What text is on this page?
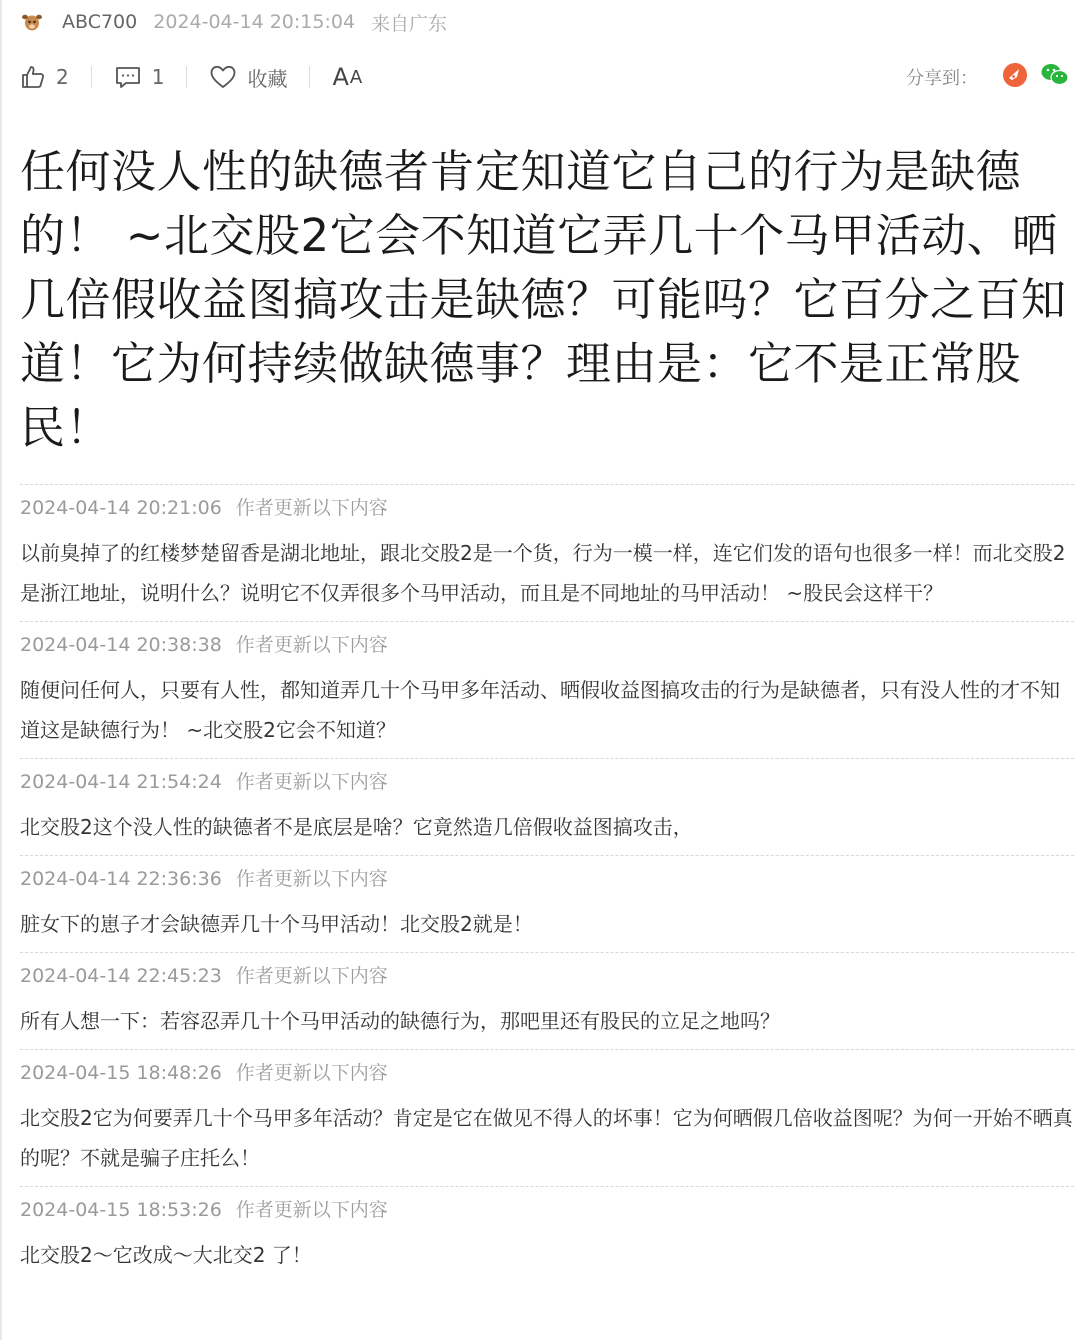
ABC700 2024-04-14 20:15:04 来自广东
2	1	收藏 A A	分享到：
任何没人性的缺德者肯定知道它自己的行为是缺德的！ ~北交股2它会不知道它弄几十个马甲活动、晒几倍假收益图搞攻击是缺德？可能吗？它百分之百知道！它为何持续做缺德事？理由是：它不是正常股民！
2024-04-14 20:21:06 作者更新以下内容
以前臭掉了的红楼梦楚留香是湖北地址，跟北交股2是一个货，行为一模一样，连它们发的语句也很多一样！而北交股2是浙江地址，说明什么？说明它不仅弄很多个马甲活动，而且是不同地址的马甲活动！ ~股民会这样干？
2024-04-14 20:38:38 作者更新以下内容
随便问任何人，只要有人性，都知道弄几十个马甲多年活动、晒假收益图搞攻击的行为是缺德者，只有没人性的才不知道这是缺德行为！ ~北交股2它会不知道？
2024-04-14 21:54:24 作者更新以下内容
北交股2这个没人性的缺德者不是底层是啥？它竟然造几倍假收益图搞攻击，
2024-04-14 22:36:36 作者更新以下内容
脏女下的崽子才会缺德弄几十个马甲活动！北交股2就是！
2024-04-14 22:45:23 作者更新以下内容
所有人想一下：若容忍弄几十个马甲活动的缺德行为，那吧里还有股民的立足之地吗？
2024-04-15 18:48:26 作者更新以下内容
北交股2它为何要弄几十个马甲多年活动？肯定是它在做见不得人的坏事！它为何晒假几倍收益图呢？为何一开始不晒真的呢？不就是骗子庄托么！
2024-04-15 18:53:26 作者更新以下内容
北交股2～它改成～大北交2 了！
